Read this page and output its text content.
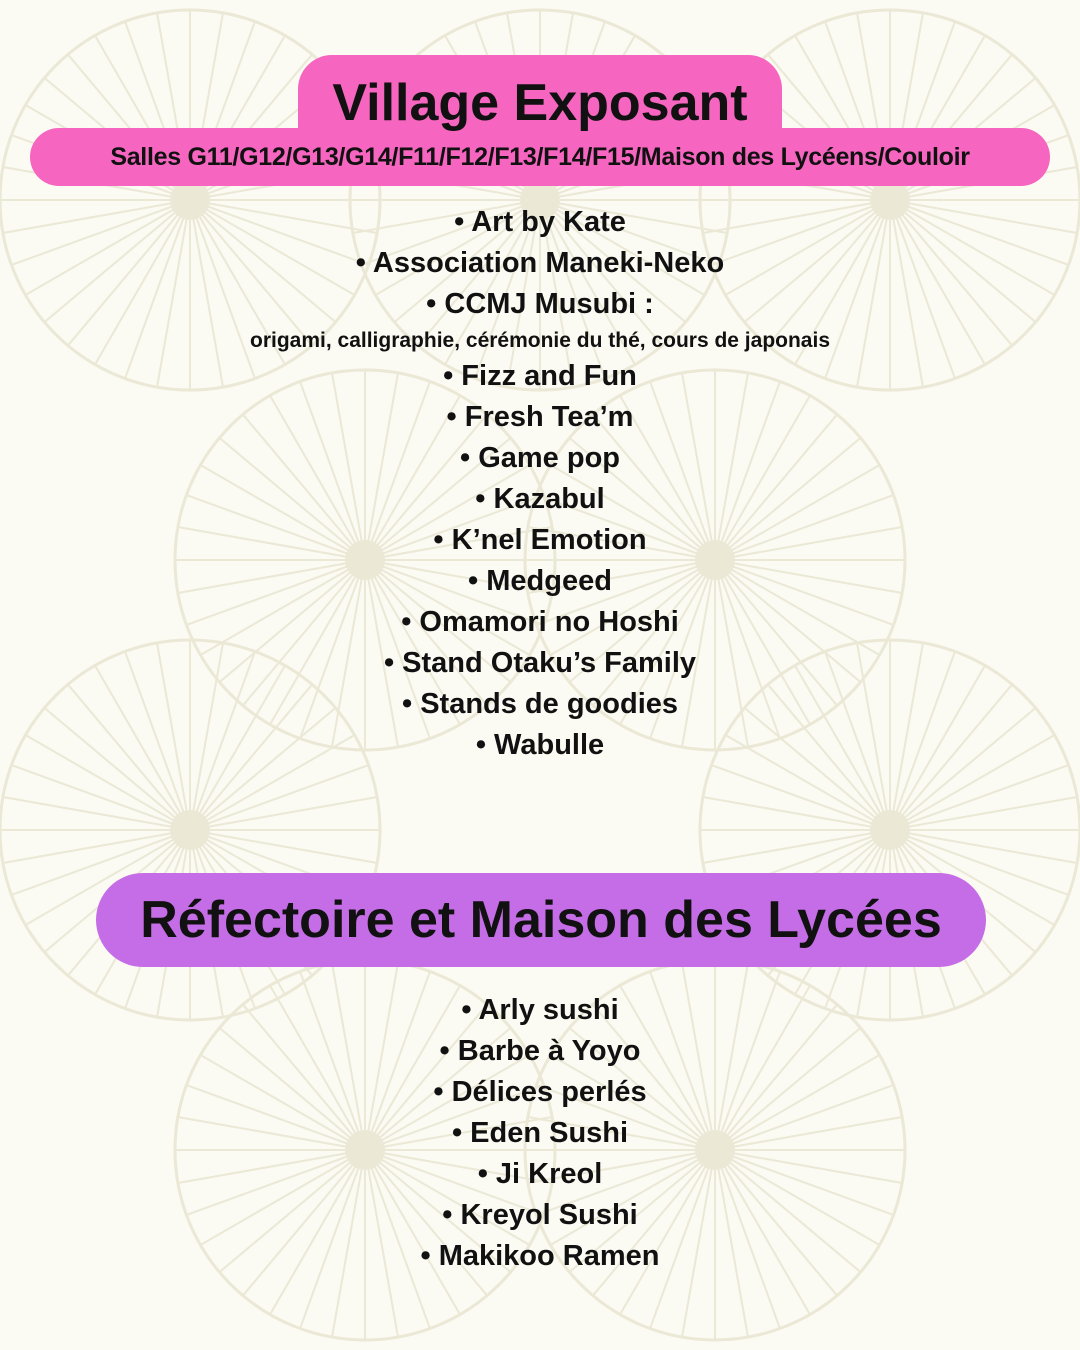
Village Exposant
Salles G11/G12/G13/G14/F11/F12/F13/F14/F15/Maison des Lycéens/Couloir
• Art by Kate
• Association Maneki-Neko
• CCMJ Musubi :
origami, calligraphie, cérémonie du thé, cours de japonais
• Fizz and Fun
• Fresh Tea’m
• Game pop
• Kazabul
• K’nel Emotion
• Medgeed
• Omamori no Hoshi
• Stand Otaku’s Family
• Stands de goodies
• Wabulle
Réfectoire et Maison des Lycées
• Arly sushi
• Barbe à Yoyo
• Délices perlés
• Eden Sushi
• Ji Kreol
• Kreyol Sushi
• Makikoo Ramen
